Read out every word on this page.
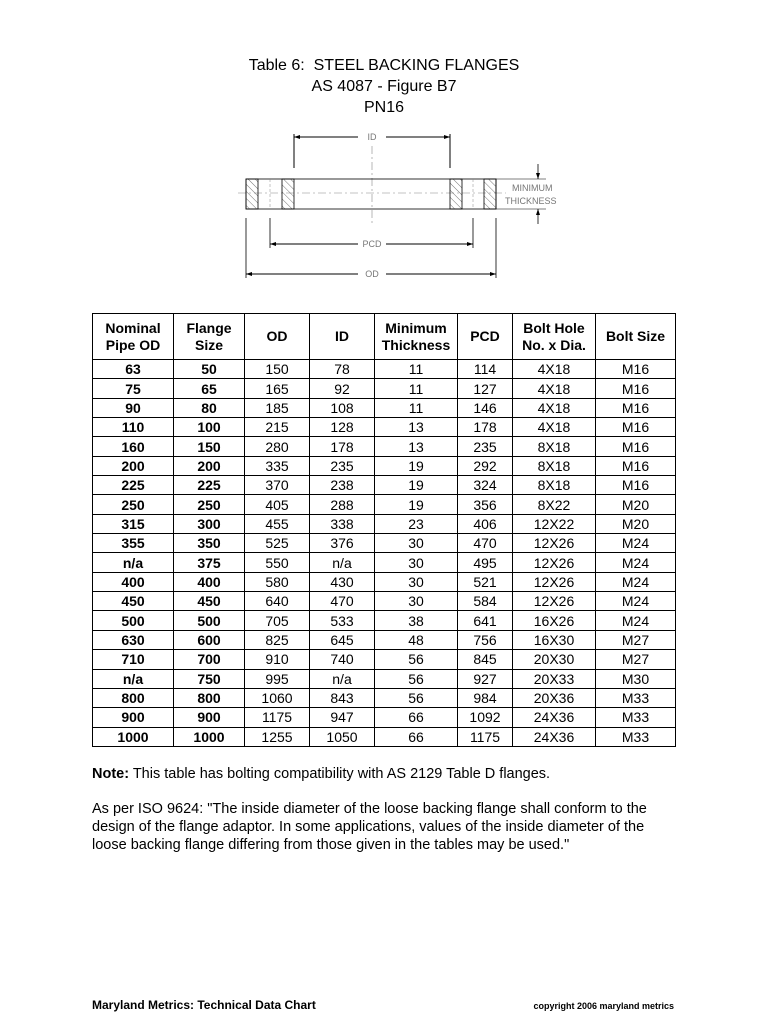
Table 6:  STEEL BACKING FLANGES
AS 4087 - Figure B7
PN16
ID
MINIMUM
THICKNESS
PCD
OD
Nominal
Pipe OD	Flange
Size	OD	ID	Minimum
Thickness	PCD	Bolt Hole
No. x Dia.	Bolt Size
63	50	150	78	11	114	4X18	M16
75	65	165	92	11	127	4X18	M16
90	80	185	108	11	146	4X18	M16
110	100	215	128	13	178	4X18	M16
160	150	280	178	13	235	8X18	M16
200	200	335	235	19	292	8X18	M16
225	225	370	238	19	324	8X18	M16
250	250	405	288	19	356	8X22	M20
315	300	455	338	23	406	12X22	M20
355	350	525	376	30	470	12X26	M24
n/a	375	550	n/a	30	495	12X26	M24
400	400	580	430	30	521	12X26	M24
450	450	640	470	30	584	12X26	M24
500	500	705	533	38	641	16X26	M24
630	600	825	645	48	756	16X30	M27
710	700	910	740	56	845	20X30	M27
n/a	750	995	n/a	56	927	20X33	M30
800	800	1060	843	56	984	20X36	M33
900	900	1175	947	66	1092	24X36	M33
1000	1000	1255	1050	66	1175	24X36	M33
Note: This table has bolting compatibility with AS 2129 Table D flanges.
As per ISO 9624: "The inside diameter of the loose backing flange shall conform to the design of the flange adaptor. In some applications, values of the inside diameter of the loose backing flange differing from those given in the tables may be used."
Maryland Metrics: Technical Data Chart	copyright 2006 maryland metrics
